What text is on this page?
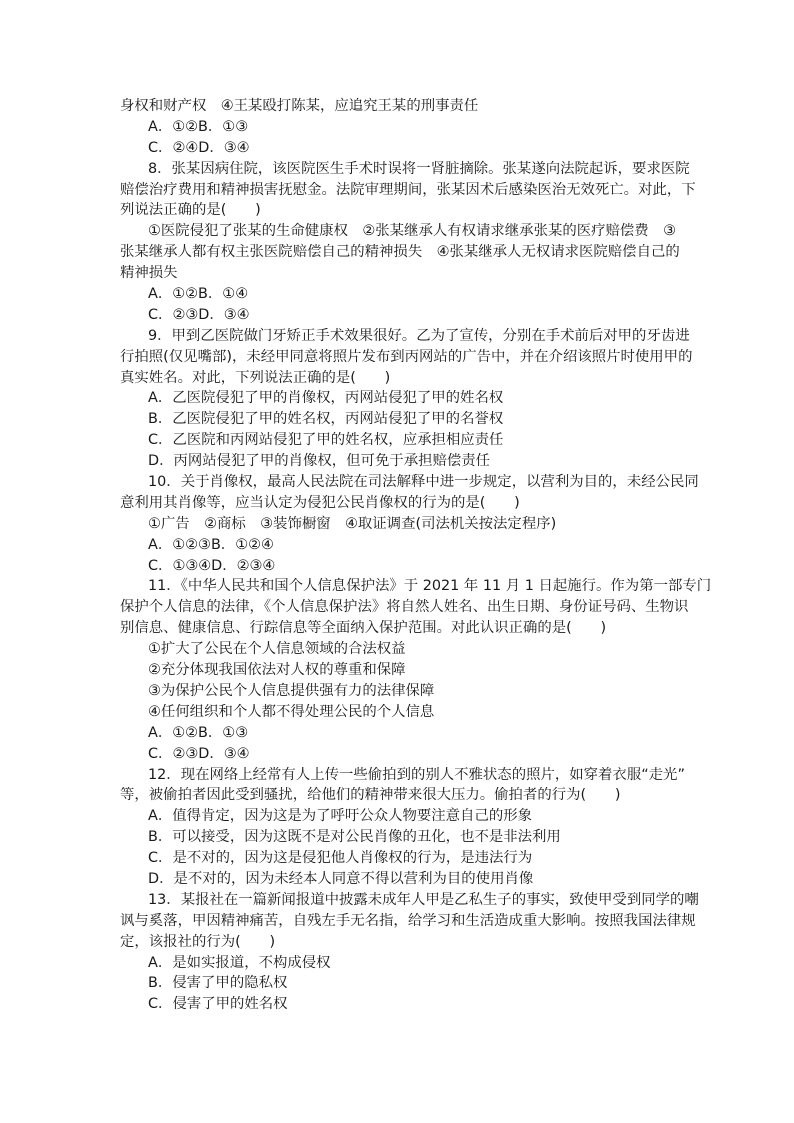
身权和财产权　④王某殴打陈某，应追究王某的刑事责任
A．①②B．①③
C．②④D．③④
8．张某因病住院，该医院医生手术时误将一肾脏摘除。张某遂向法院起诉，要求医院
赔偿治疗费用和精神损害抚慰金。法院审理期间，张某因术后感染医治无效死亡。对此，下
列说法正确的是(　　)
①医院侵犯了张某的生命健康权　②张某继承人有权请求继承张某的医疗赔偿费　③
张某继承人都有权主张医院赔偿自己的精神损失　④张某继承人无权请求医院赔偿自己的
精神损失
A．①②B．①④
C．②③D．③④
9．甲到乙医院做门牙矫正手术效果很好。乙为了宣传，分别在手术前后对甲的牙齿进
行拍照(仅见嘴部)，未经甲同意将照片发布到丙网站的广告中，并在介绍该照片时使用甲的
真实姓名。对此，下列说法正确的是(　　)
A．乙医院侵犯了甲的肖像权，丙网站侵犯了甲的姓名权
B．乙医院侵犯了甲的姓名权，丙网站侵犯了甲的名誉权
C．乙医院和丙网站侵犯了甲的姓名权，应承担相应责任
D．丙网站侵犯了甲的肖像权，但可免于承担赔偿责任
10．关于肖像权，最高人民法院在司法解释中进一步规定，以营利为目的，未经公民同
意利用其肖像等，应当认定为侵犯公民肖像权的行为的是(　　)
①广告　②商标　③装饰橱窗　④取证调查(司法机关按法定程序)
A．①②③B．①②④
C．①③④D．②③④
11．《中华人民共和国个人信息保护法》于 2021 年 11 月 1 日起施行。作为第一部专门
保护个人信息的法律，《个人信息保护法》将自然人姓名、出生日期、身份证号码、生物识
别信息、健康信息、行踪信息等全面纳入保护范围。对此认识正确的是(　　)
①扩大了公民在个人信息领域的合法权益
②充分体现我国依法对人权的尊重和保障
③为保护公民个人信息提供强有力的法律保障
④任何组织和个人都不得处理公民的个人信息
A．①②B．①③
C．②③D．③④
12．现在网络上经常有人上传一些偷拍到的别人不雅状态的照片，如穿着衣服“走光”
等，被偷拍者因此受到骚扰，给他们的精神带来很大压力。偷拍者的行为(　　)
A．值得肯定，因为这是为了呼吁公众人物要注意自己的形象
B．可以接受，因为这既不是对公民肖像的丑化，也不是非法利用
C．是不对的，因为这是侵犯他人肖像权的行为，是违法行为
D．是不对的，因为未经本人同意不得以营利为目的使用肖像
13．某报社在一篇新闻报道中披露未成年人甲是乙私生子的事实，致使甲受到同学的嘲
讽与奚落，甲因精神痛苦，自残左手无名指，给学习和生活造成重大影响。按照我国法律规
定，该报社的行为(　　)
A．是如实报道，不构成侵权
B．侵害了甲的隐私权
C．侵害了甲的姓名权
